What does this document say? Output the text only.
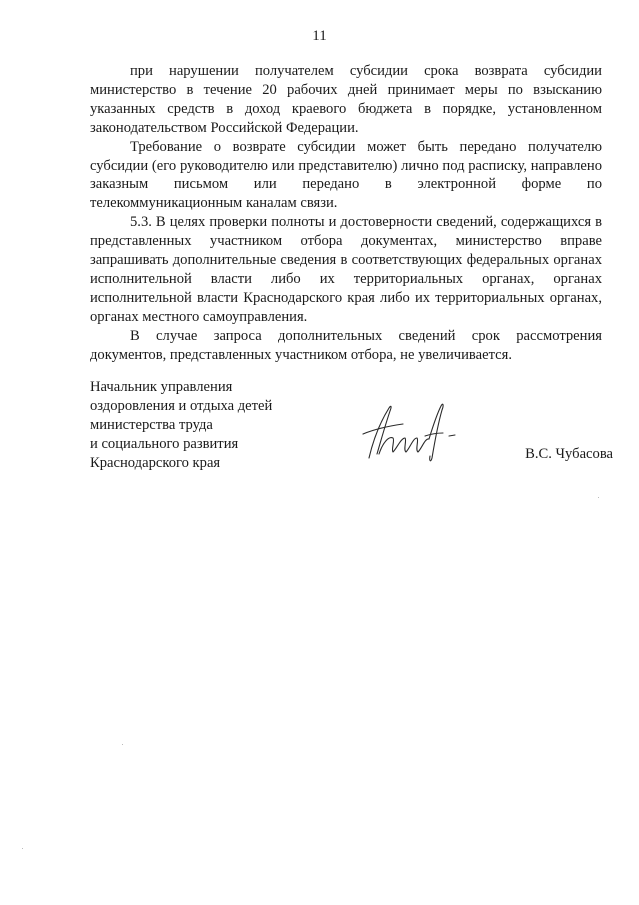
11

при нарушении получателем субсидии срока возврата субсидии министерство в течение 20 рабочих дней принимает меры по взысканию указанных средств в доход краевого бюджета в порядке, установленном законодательством Российской Федерации.

Требование о возврате субсидии может быть передано получателю субсидии (его руководителю или представителю) лично под расписку, направлено заказным письмом или передано в электронной форме по телекоммуникационным каналам связи.

5.3. В целях проверки полноты и достоверности сведений, содержащихся в представленных участником отбора документах, министерство вправе запрашивать дополнительные сведения в соответствующих федеральных органах исполнительной власти либо их территориальных органах, органах исполнительной власти Краснодарского края либо их территориальных органах, органах местного самоуправления.

В случае запроса дополнительных сведений срок рассмотрения документов, представленных участником отбора, не увеличивается.

Начальник управления
оздоровления и отдыха детей
министерства труда
и социального развития
Краснодарского края
В.С. Чубасова
